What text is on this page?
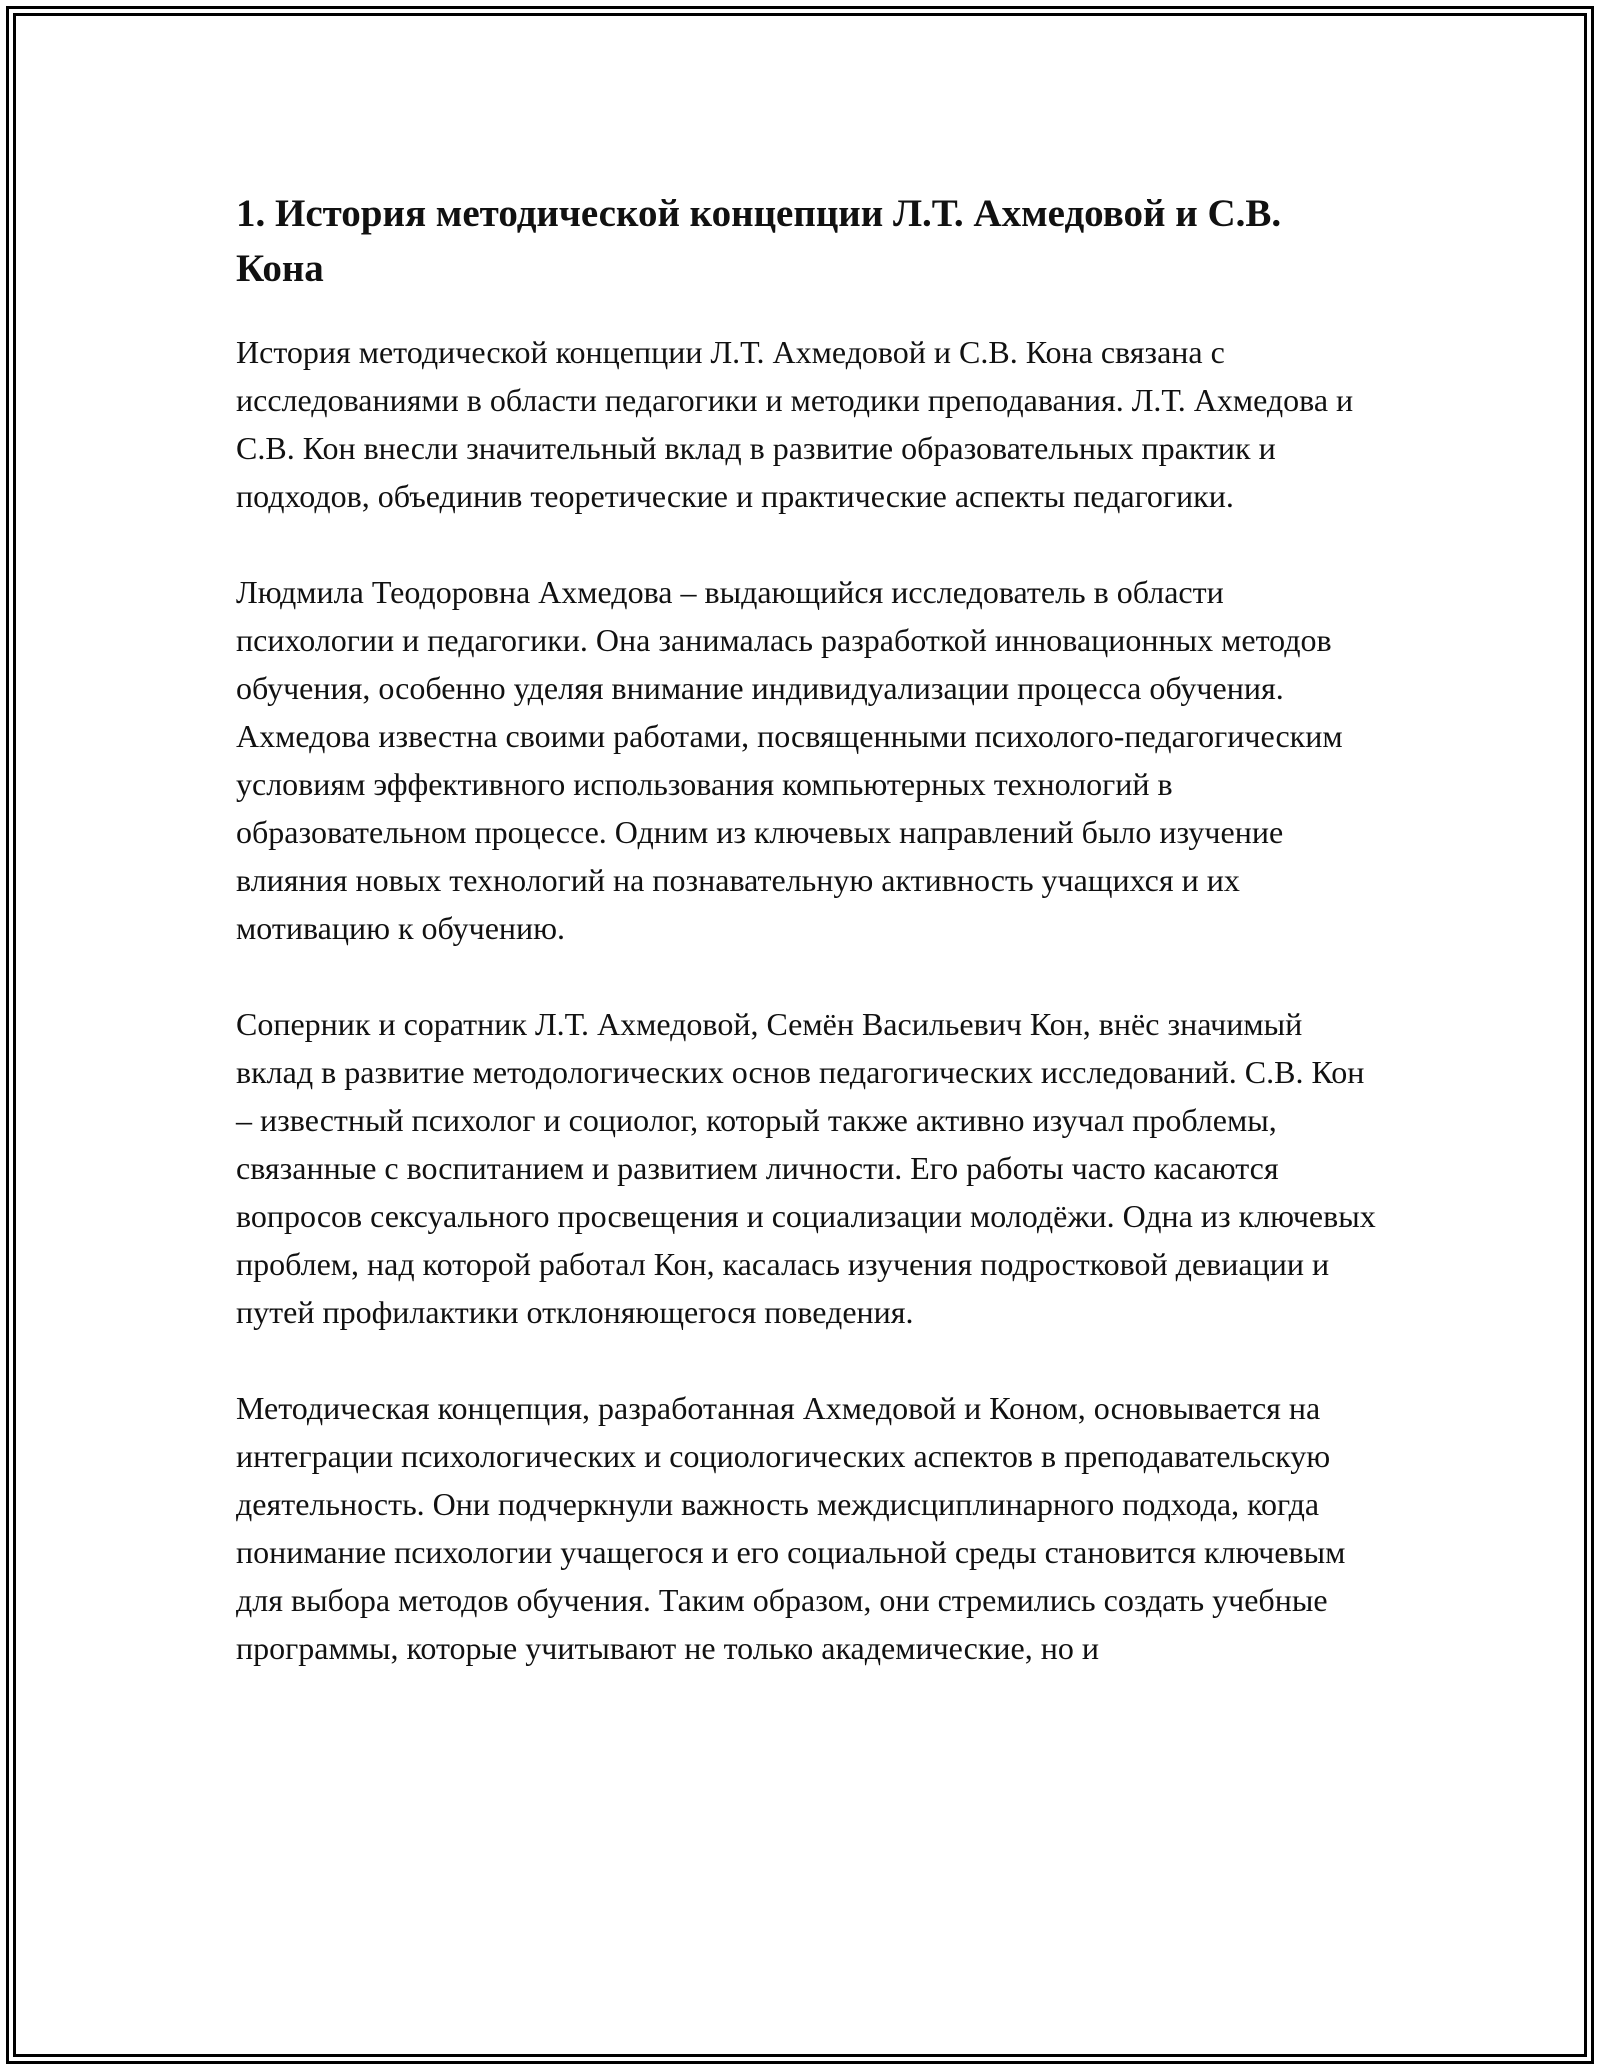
1. История методической концепции Л.Т. Ахмедовой и С.В. Кона

История методической концепции Л.Т. Ахмедовой и С.В. Кона связана с исследованиями в области педагогики и методики преподавания. Л.Т. Ахмедова и С.В. Кон внесли значительный вклад в развитие образовательных практик и подходов, объединив теоретические и практические аспекты педагогики.

Людмила Теодоровна Ахмедова – выдающийся исследователь в области психологии и педагогики. Она занималась разработкой инновационных методов обучения, особенно уделяя внимание индивидуализации процесса обучения. Ахмедова известна своими работами, посвященными психолого-педагогическим условиям эффективного использования компьютерных технологий в образовательном процессе. Одним из ключевых направлений было изучение влияния новых технологий на познавательную активность учащихся и их мотивацию к обучению.

Соперник и соратник Л.Т. Ахмедовой, Семён Васильевич Кон, внёс значимый вклад в развитие методологических основ педагогических исследований. С.В. Кон – известный психолог и социолог, который также активно изучал проблемы, связанные с воспитанием и развитием личности. Его работы часто касаются вопросов сексуального просвещения и социализации молодёжи. Одна из ключевых проблем, над которой работал Кон, касалась изучения подростковой девиации и путей профилактики отклоняющегося поведения.

Методическая концепция, разработанная Ахмедовой и Коном, основывается на интеграции психологических и социологических аспектов в преподавательскую деятельность. Они подчеркнули важность междисциплинарного подхода, когда понимание психологии учащегося и его социальной среды становится ключевым для выбора методов обучения. Таким образом, они стремились создать учебные программы, которые учитывают не только академические, но и
